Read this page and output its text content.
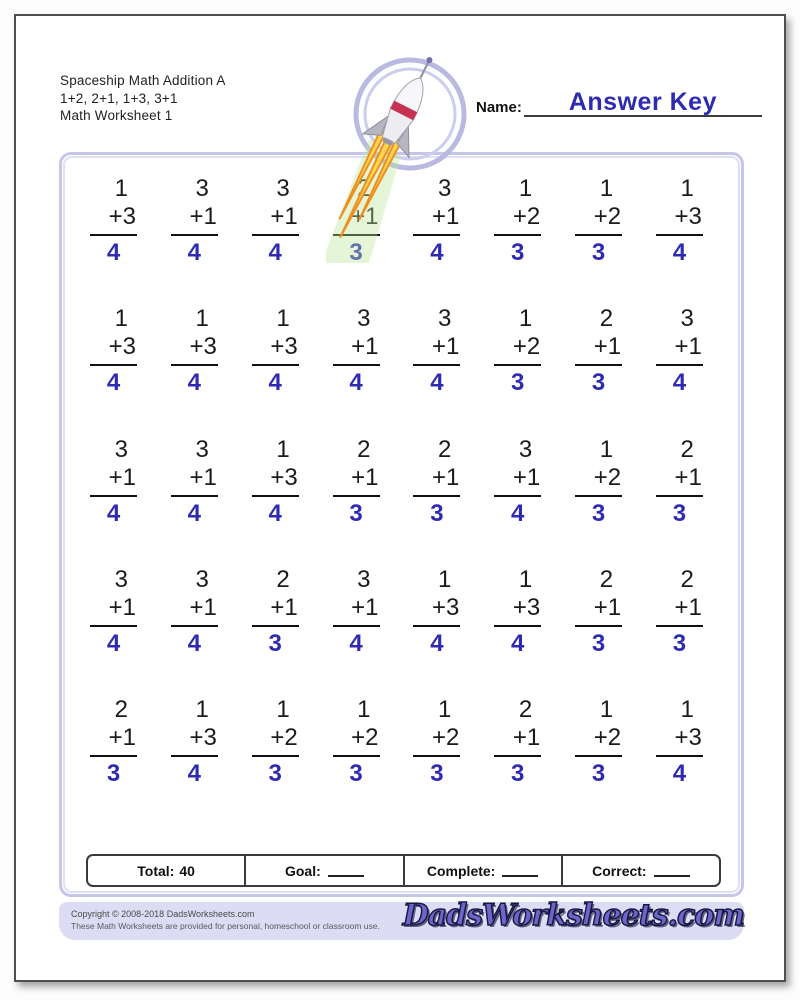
Spaceship Math Addition A
1+2, 2+1, 1+3, 3+1
Math Worksheet 1	Name:	Answer Key
1
+3
4
3
+1
4
3
+1
4
3
+1
4
1
+2
3
1
+2
3
1
+3
4
1
+3
4
1
+3
4
1
+3
4
3
+1
4
3
+1
4
1
+2
3
2
+1
3
3
+1
4
3
+1
4
3
+1
4
1
+3
4
2
+1
3
2
+1
3
3
+1
4
1
+2
3
2
+1
3
3
+1
4
3
+1
4
2
+1
3
3
+1
4
1
+3
4
1
+3
4
2
+1
3
2
+1
3
2
+1
3
1
+3
4
1
+2
3
1
+2
3
1
+2
3
2
+1
3
1
+2
3
1
+3
4
Total: 40	Goal:	Complete:	Correct:
Copyright © 2008-2018 DadsWorksheets.com
These Math Worksheets are provided for personal, homeschool or classroom use. DadsWorksheets.com
